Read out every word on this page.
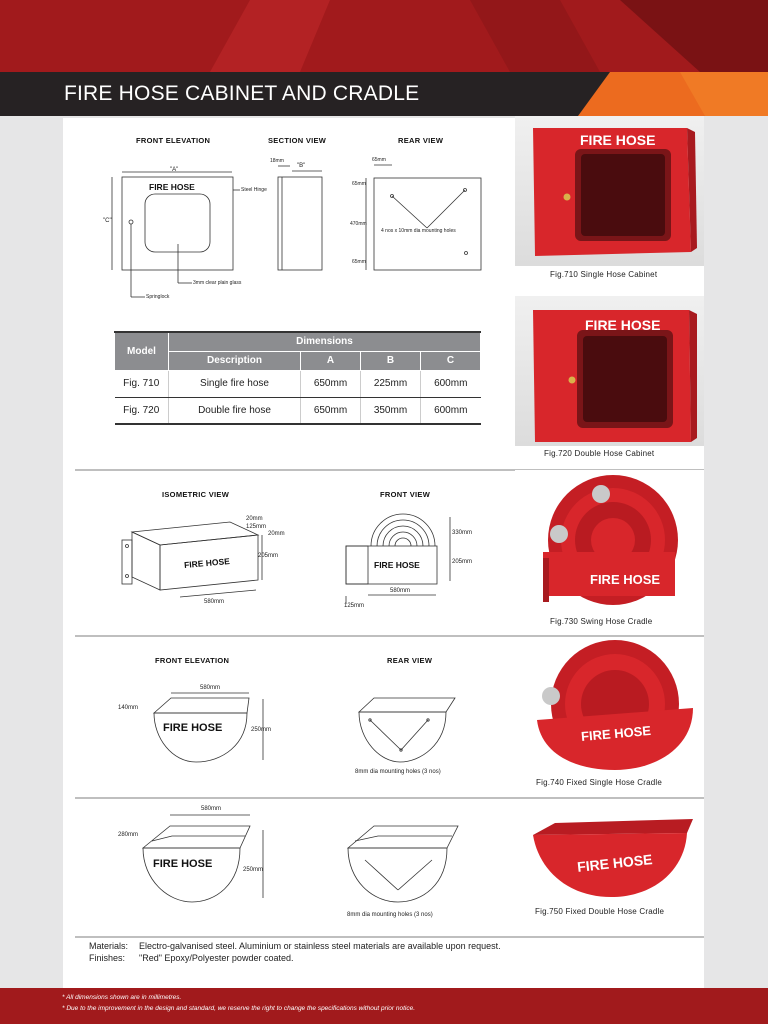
FIRE HOSE CABINET AND CRADLE
FRONT ELEVATION	SECTION VIEW	REAR VIEW
"A"
"B"
"C"
FIRE HOSE	Steel Hinge
3mm clear plain glass
Springlock
18mm	65mm
65mm
470mm
65mm
4 nos x 10mm dia mounting holes
Model	Dimensions			
	Description	A	B	C
Fig. 710	Single fire hose	650mm	225mm	600mm
Fig. 720	Double fire hose	650mm	350mm	600mm
ISOMETRIC VIEW	FRONT VIEW
FIRE HOSE
20mm
125mm
20mm
205mm
580mm
FIRE HOSE
330mm
205mm
580mm
125mm
FRONT ELEVATION	REAR VIEW
FIRE HOSE
580mm
140mm
250mm
8mm dia mounting holes (3 nos)
FIRE HOSE
580mm
280mm
250mm
8mm dia mounting holes (3 nos)
FIRE HOSE
Fig.710 Single Hose Cabinet
FIRE HOSE
Fig.720 Double Hose Cabinet
FIRE HOSE
Fig.730 Swing Hose Cradle
FIRE HOSE
Fig.740 Fixed Single Hose Cradle
FIRE HOSE
Fig.750 Fixed Double Hose Cradle
Materials: Electro-galvanised steel. Aluminium or stainless steel materials are available upon request.
Finishes: "Red" Epoxy/Polyester powder coated.
* All dimensions shown are in millimetres.
* Due to the improvement in the design and standard, we reserve the right to change the specifications without prior notice.
